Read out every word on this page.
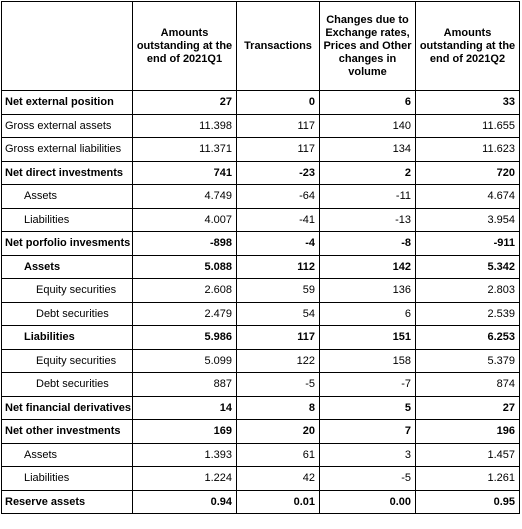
	Amounts outstanding at the end of 2021Q1	Transactions	Changes due to Exchange rates, Prices and Other changes in volume	Amounts outstanding at the end of 2021Q2
Net external position	27	0	6	33
Gross external assets	11.398	117	140	11.655
Gross external liabilities	11.371	117	134	11.623
Net direct investments	741	-23	2	720
Assets	4.749	-64	-11	4.674
Liabilities	4.007	-41	-13	3.954
Net porfolio invesments	-898	-4	-8	-911
Assets	5.088	112	142	5.342
Equity securities	2.608	59	136	2.803
Debt securities	2.479	54	6	2.539
Liabilities	5.986	117	151	6.253
Equity securities	5.099	122	158	5.379
Debt securities	887	-5	-7	874
Net financial derivatives	14	8	5	27
Net other investments	169	20	7	196
Assets	1.393	61	3	1.457
Liabilities	1.224	42	-5	1.261
Reserve assets	0.94	0.01	0.00	0.95
